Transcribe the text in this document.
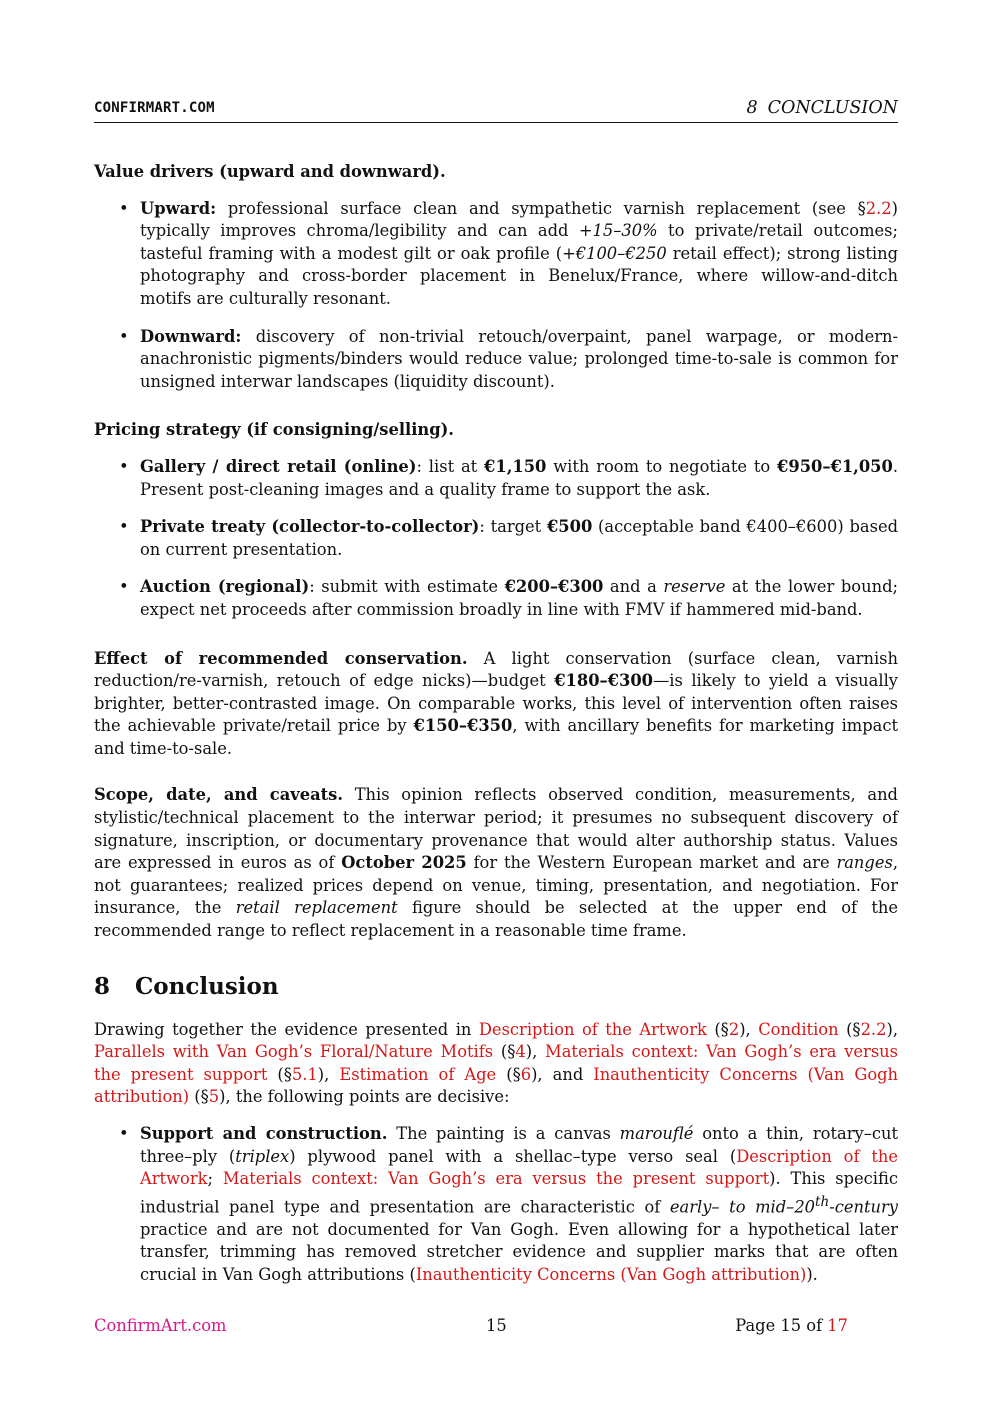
CONFIRMART.COM	8 CONCLUSION
Value drivers (upward and downward).
• Upward: professional surface clean and sympathetic varnish replacement (see §2.2) typically improves chroma/legibility and can add +15–30% to private/retail outcomes; tasteful framing with a modest gilt or oak profile (+€100–€250 retail effect); strong listing photography and cross-border placement in Benelux/France, where willow-and-ditch motifs are culturally resonant.
• Downward: discovery of non-trivial retouch/overpaint, panel warpage, or modern-anachronistic pigments/binders would reduce value; prolonged time-to-sale is common for unsigned interwar landscapes (liquidity discount).
Pricing strategy (if consigning/selling).
• Gallery / direct retail (online): list at €1,150 with room to negotiate to €950–€1,050. Present post-cleaning images and a quality frame to support the ask.
• Private treaty (collector-to-collector): target €500 (acceptable band €400–€600) based on current presentation.
• Auction (regional): submit with estimate €200–€300 and a reserve at the lower bound; expect net proceeds after commission broadly in line with FMV if hammered mid-band.

Effect of recommended conservation. A light conservation (surface clean, varnish reduction/re-varnish, retouch of edge nicks)—budget €180–€300—is likely to yield a visually brighter, better-contrasted image. On comparable works, this level of intervention often raises the achievable private/retail price by €150–€350, with ancillary benefits for marketing impact and time-to-sale.

Scope, date, and caveats. This opinion reflects observed condition, measurements, and stylistic/technical placement to the interwar period; it presumes no subsequent discovery of signature, inscription, or documentary provenance that would alter authorship status. Values are expressed in euros as of October 2025 for the Western European market and are ranges, not guarantees; realized prices depend on venue, timing, presentation, and negotiation. For insurance, the retail replacement figure should be selected at the upper end of the recommended range to reflect replacement in a reasonable time frame.

8 Conclusion

Drawing together the evidence presented in Description of the Artwork (§2), Condition (§2.2), Parallels with Van Gogh’s Floral/Nature Motifs (§4), Materials context: Van Gogh’s era versus the present support (§5.1), Estimation of Age (§6), and Inauthenticity Concerns (Van Gogh attribution) (§5), the following points are decisive:

• Support and construction. The painting is a canvas marouflé onto a thin, rotary–cut three–ply (triplex) plywood panel with a shellac–type verso seal (Description of the Artwork; Materials context: Van Gogh’s era versus the present support). This specific industrial panel type and presentation are characteristic of early– to mid–20th-century practice and are not documented for Van Gogh. Even allowing for a hypothetical later transfer, trimming has removed stretcher evidence and supplier marks that are often crucial in Van Gogh attributions (Inauthenticity Concerns (Van Gogh attribution)).
ConfirmArt.com	15	Page 15 of 17
